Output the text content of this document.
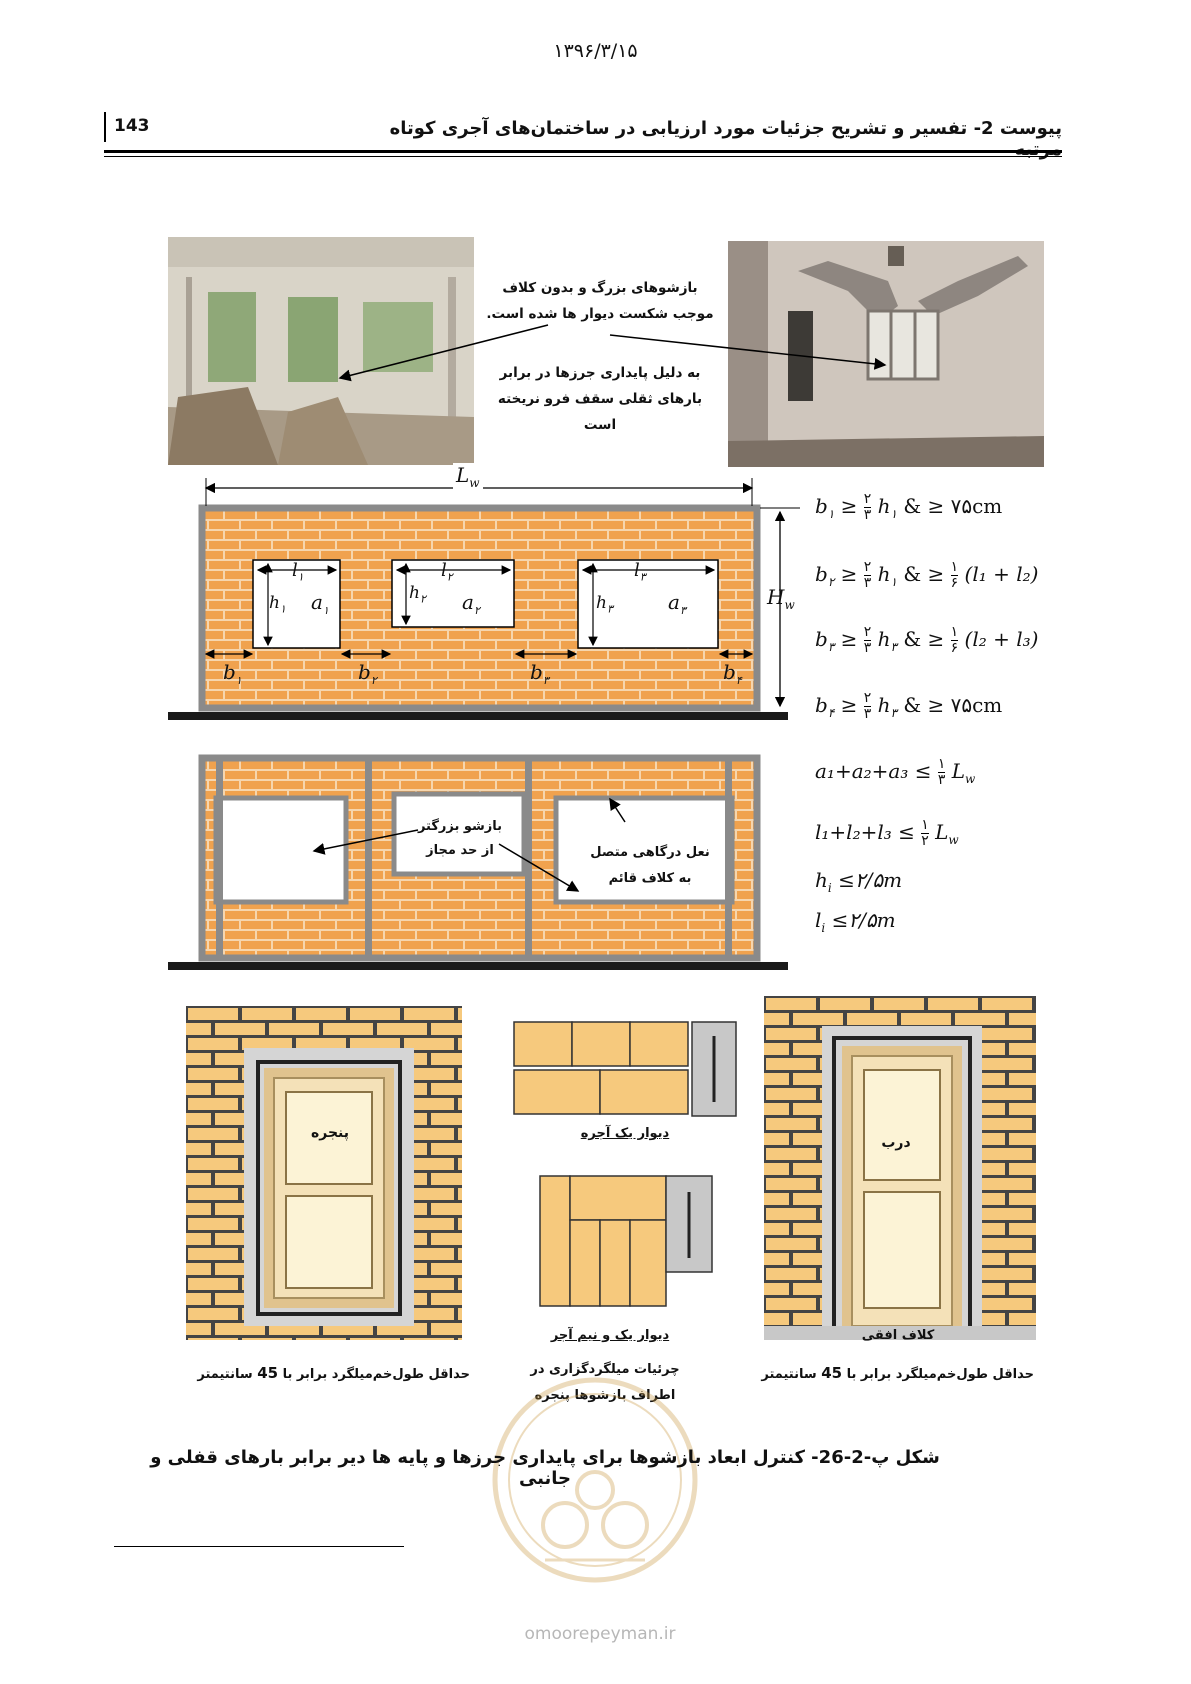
۱۳۹۶/۳/۱۵
143	پیوست 2- تفسیر و تشریح جزئیات مورد ارزیابی در ساختمان‌های آجری کوتاه
بازشوهای بزرگ و بدون کلاف
موجب شکست دیوار ها شده است.
به دلیل پایداری جرزها در برابر
بارهای ثقلی سقف فرو نریخته است
$L_w$
$H_w$
$l_۱$	$l_۲$	$l_۳$
$h_۱$
$h_۲$	$h_۳$
$a_۱$	$a_۲$	$a_۳$
$b_۱$	$b_۲$	$b_۳$	$b_۴$
$b_۱$ ≥ ۲
۳ $h_۱$ & ≥ ۷۵cm
$b_۲$ ≥ ۲
۳ $h_۱$ & ≥ ۱
۶ (l₁ + l₂)
$b_۳$ ≥ ۲
۳ $h_۳$ & ≥ ۱
۶ (l₂ + l₃)
$b_۴$ ≥ ۲
۳ $h_۳$ & ≥ ۷۵cm
a₁+a₂+a₃ ≤ ۱
۳ $L_w$
l₁+l₂+l₃ ≤ ۱
۲ $L_w$
$h_i$ ≤۲/۵m
$l_i$ ≤۲/۵m
بازشو بزرگتر
از حد مجاز	نعل درگاهی متصل
به کلاف قائم
پنجره
حداقل طول‌خم‌میلگرد برابر با 45 سانتیمتر
دیوار یک آجره
دیوار یک و نیم آجر
چرئیات میلگردگزاری در
اطراف بازشوها پنجره
درب
کلاف افقی
حداقل طول‌خم‌میلگرد برابر با 45 سانتیمتر
شکل پ-2-26- کنترل ابعاد بازشوها برای پایداری جرزها و پایه ها دیر برابر بارهای قفلی و جانبی
omoorepeyman.ir
